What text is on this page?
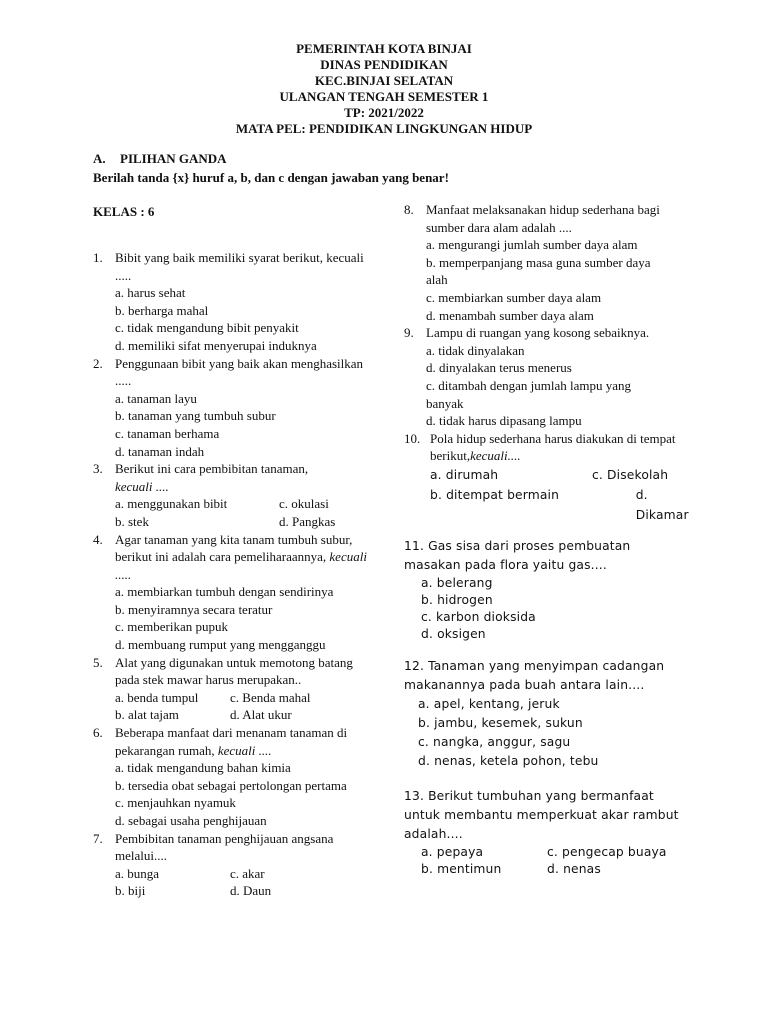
PEMERINTAH KOTA BINJAI
DINAS PENDIDIKAN
KEC.BINJAI SELATAN
ULANGAN TENGAH SEMESTER 1
TP: 2021/2022
MATA PEL: PENDIDIKAN LINGKUNGAN HIDUP
A. PILIHAN GANDA
Berilah tanda {x} huruf a, b, dan c dengan jawaban yang benar!
KELAS : 6
1. Bibit yang baik memiliki syarat berikut, kecuali .....
a. harus sehat
b. berharga mahal
c. tidak mengandung bibit penyakit
d. memiliki sifat menyerupai induknya
2. Penggunaan bibit yang baik akan menghasilkan .....
a. tanaman layu
b. tanaman yang tumbuh subur
c. tanaman berhama
d. tanaman indah
3. Berikut ini cara pembibitan tanaman,
kecuali ....
a. menggunakan bibit	c. okulasi
b. stek	d. Pangkas
4. Agar tanaman yang kita tanam tumbuh subur, berikut ini adalah cara pemeliharaannya, kecuali .....
a. membiarkan tumbuh dengan sendirinya
b. menyiramnya secara teratur
c. memberikan pupuk
d. membuang rumput yang mengganggu
5. Alat yang digunakan untuk memotong batang pada stek mawar harus merupakan..
a. benda tumpul	c. Benda mahal
b. alat tajam	d. Alat ukur
6. Beberapa manfaat dari menanam tanaman di pekarangan rumah, kecuali ....
a. tidak mengandung bahan kimia
b. tersedia obat sebagai pertolongan pertama
c. menjauhkan nyamuk
d. sebagai usaha penghijauan
7. Pembibitan tanaman penghijauan angsana melalui....
a. bunga	c. akar
b. biji	d. Daun
8. Manfaat melaksanakan hidup sederhana bagi sumber dara alam adalah ....
a. mengurangi jumlah sumber daya alam
b. memperpanjang masa guna sumber daya alah
c. membiarkan sumber daya alam
d. menambah sumber daya alam
9. Lampu di ruangan yang kosong sebaiknya.
a. tidak dinyalakan
d. dinyalakan terus menerus
c. ditambah dengan jumlah lampu yang banyak
d. tidak harus dipasang lampu
10. Pola hidup sederhana harus diakukan di tempat berikut,kecuali....
a. dirumah	c. Disekolah
b. ditempat bermain	d. Dikamar
11. Gas sisa dari proses pembuatan masakan pada flora yaitu gas....
a. belerang
b. hidrogen
c. karbon dioksida
d. oksigen
12. Tanaman yang menyimpan cadangan makanannya pada buah antara lain....
a. apel, kentang, jeruk
b. jambu, kesemek, sukun
c. nangka, anggur, sagu
d. nenas, ketela pohon, tebu
13. Berikut tumbuhan yang bermanfaat untuk membantu memperkuat akar rambut adalah....
a. pepaya	c. pengecap buaya
b. mentimun	d. nenas
